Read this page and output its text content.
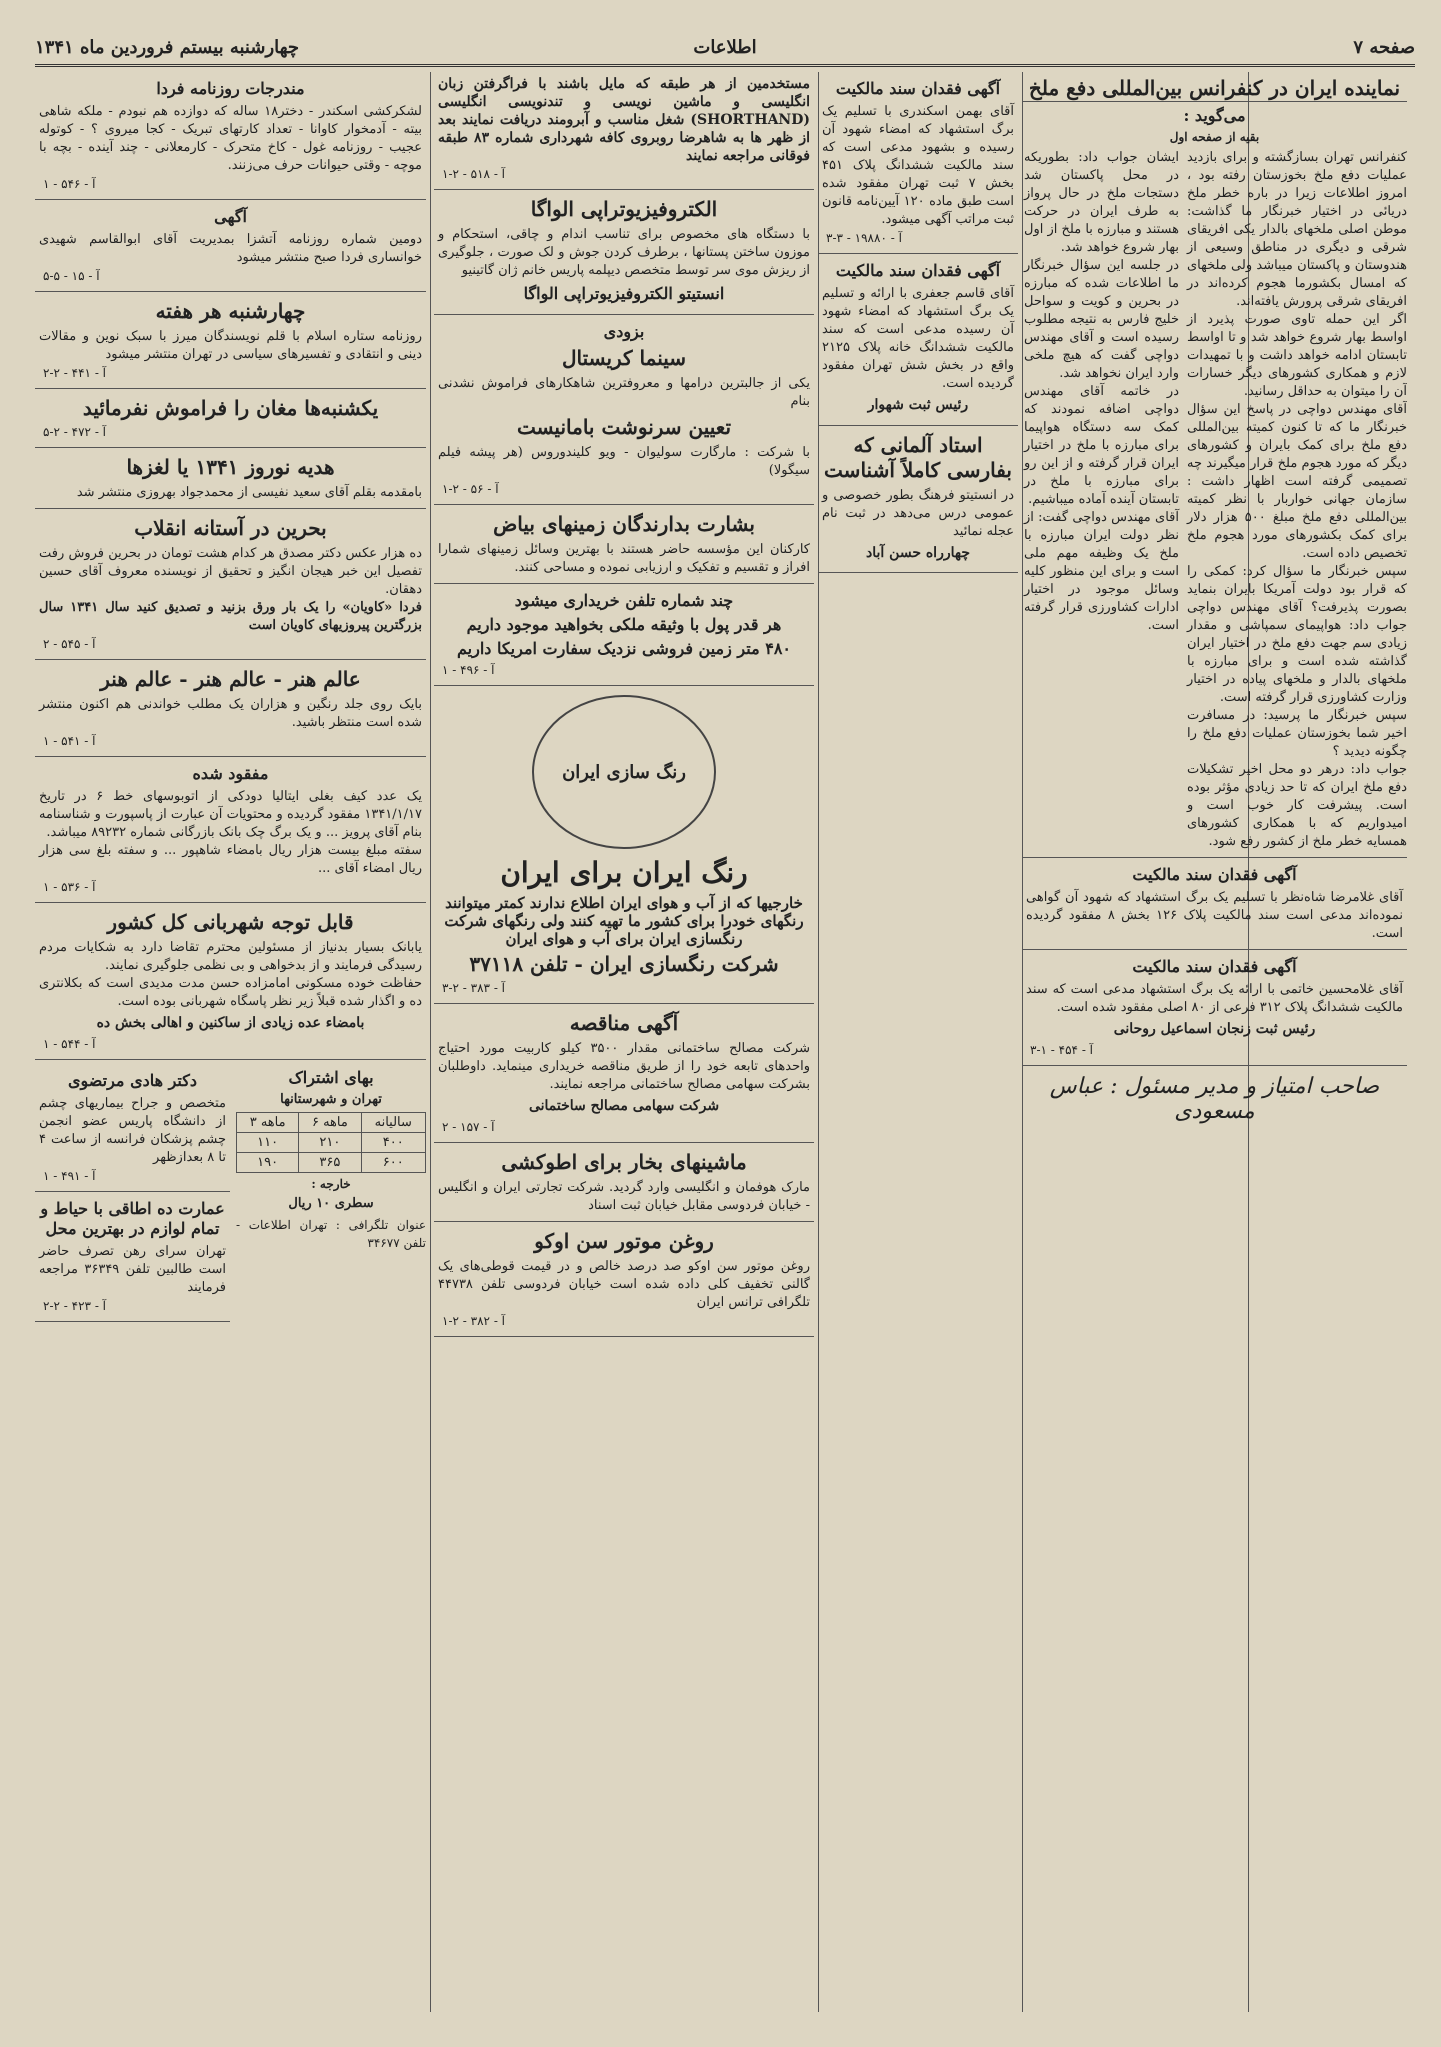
صفحه ۷
اطلاعات
چهارشنبه بیستم فروردین ماه ۱۳۴۱
نماینده ایران در کنفرانس بین‌المللی دفع ملخ
می‌گوید :
بقیه از صفحه اول

کنفرانس تهران بسازگشته و برای بازدید عملیات دفع ملخ بخوزستان رفته بود ، امروز اطلاعات زیرا در باره خطر ملخ دریائی در اختیار خبرنگار ما گذاشت: موطن اصلی ملخهای بالدار یکی افریقای شرقی و دیگری در مناطق وسیعی از هندوستان و پاکستان میباشد ولی ملخهای که امسال بکشورما هجوم کرده‌اند در افریقای شرقی پرورش یافته‌اند.

اگر این حمله تاوی صورت پذیرد از اواسط بهار شروع خواهد شد و تا اواسط تابستان ادامه خواهد داشت و با تمهیدات لازم و همکاری کشورهای دیگر خسارات آن را میتوان به حداقل رسانید.

آقای مهندس دواچی در پاسخ این سؤال خبرنگار ما که تا کنون کمیته بین‌المللی دفع ملخ برای کمک بایران و کشورهای دیگر که مورد هجوم ملخ قرار میگیرند چه تصمیمی گرفته است اظهار داشت : سازمان جهانی خواربار با نظر کمیته بین‌المللی دفع ملخ مبلغ ۵۰۰ هزار دلار برای کمک بکشورهای مورد هجوم ملخ تخصیص داده است.

سپس خبرنگار ما سؤال کرد: کمکی را که قرار بود دولت آمریکا بایران بنماید بصورت پذیرفت؟ آقای مهندس دواچی جواب داد: هواپیمای سمپاشی و مقدار زیادی سم جهت دفع ملخ در اختیار ایران گذاشته شده است و برای مبارزه با ملخهای بالدار و ملخهای پیاده در اختیار وزارت کشاورزی قرار گرفته است.

سپس خبرنگار ما پرسید: در مسافرت اخیر شما بخوزستان عملیات دفع ملخ را چگونه دیدید ؟

جواب داد: درهر دو محل اخیر تشکیلات دفع ملخ ایران که تا حد زیادی مؤثر بوده است. پیشرفت کار خوب است و امیدواریم که با همکاری کشورهای همسایه خطر ملخ از کشور رفع شود.

ایشان جواب داد: بطوریکه در محل پاکستان شد دستجات ملخ در حال پرواز به طرف ایران در حرکت هستند و مبارزه با ملخ از اول بهار شروع خواهد شد.

در جلسه این سؤال خبرنگار ما اطلاعات شده که مبارزه در بحرین و کویت و سواحل خلیج فارس به نتیجه مطلوب رسیده است و آقای مهندس دواچی گفت که هیچ ملخی وارد ایران نخواهد شد.

در خاتمه آقای مهندس دواچی اضافه نمودند که کمک سه دستگاه هواپیما برای مبارزه با ملخ در اختیار ایران قرار گرفته و از این رو برای مبارزه با ملخ در تابستان آینده آماده میباشیم.

آقای مهندس دواچی گفت: از نظر دولت ایران مبارزه با ملخ یک وظیفه مهم ملی است و برای این منظور کلیه وسائل موجود در اختیار ادارات کشاورزی قرار گرفته است.

آگهی فقدان سند مالکیت

آقای غلامرضا شاه‌نظر با تسلیم یک برگ استشهاد که شهود آن گواهی نموده‌اند مدعی است سند مالکیت پلاک ۱۲۶ بخش ۸ مفقود گردیده است.

آگهی فقدان سند مالکیت

آقای غلامحسین خاتمی با ارائه یک برگ استشهاد مدعی است که سند مالکیت ششدانگ پلاک ۳۱۲ فرعی از ۸۰ اصلی مفقود شده است.

رئیس ثبت زنجان اسماعیل روحانی
آ - ۴۵۴ - ۱-۳
صاحب امتیاز و مدیر مسئول : عباس مسعودی
آگهی فقدان سند مالکیت

آقای بهمن اسکندری با تسلیم یک برگ استشهاد که امضاء شهود آن رسیده و بشهود مدعی است که سند مالکیت ششدانگ پلاک ۴۵۱ بخش ۷ ثبت تهران مفقود شده است طبق ماده ۱۲۰ آیین‌نامه قانون ثبت مراتب آگهی میشود.

آ - ۱۹۸۸۰ - ۳-۳
آگهی فقدان سند مالکیت

آقای قاسم جعفری با ارائه و تسلیم یک برگ استشهاد که امضاء شهود آن رسیده مدعی است که سند مالکیت ششدانگ خانه پلاک ۲۱۲۵ واقع در بخش شش تهران مفقود گردیده است.

رئیس ثبت شهوار
استاد آلمانی که بفارسی کاملاً آشناست

در انستیتو فرهنگ بطور خصوصی و عمومی درس می‌دهد در ثبت نام عجله نمائید

چهارراه حسن آباد

مستخدمین از هر طبقه که مایل باشند با فراگرفتن زبان انگلیسی و ماشین نویسی و تندنویسی انگلیسی (SHORTHAND) شغل مناسب و آبرومند دریافت نمایند بعد از ظهر ها به شاهرضا روبروی کافه شهرداری شماره ۸۳ طبقه فوقانی مراجعه نمایند

آ - ۵۱۸ - ۲-۱
الکتروفیزیوتراپی الواگا

با دستگاه های مخصوص برای تناسب اندام و چاقی، استحکام و موزون ساختن پستانها ، برطرف کردن جوش و لک صورت ، جلوگیری از ریزش موی سر توسط متخصص دیپلمه پاریس خانم ژان گاتینیو

انستیتو الکتروفیزیوتراپی الواگا
بزودی
سینما کریستال

یکی از جالبترین درامها و معروفترین شاهکارهای فراموش نشدنی بنام

تعیین سرنوشت بامانیست

با شرکت : مارگارت سولیوان - ویو کلیندوروس (هر پیشه فیلم سیگولا)

آ - ۵۶ - ۲-۱
بشارت بدارندگان زمینهای بیاض

کارکنان این مؤسسه حاضر هستند با بهترین وسائل زمینهای شمارا افراز و تقسیم و تفکیک و ارزیابی نموده و مساحی کنند.

چند شماره تلفن خریداری میشود
هر قدر پول با وثیقه ملکی بخواهید موجود داریم
۴۸۰ متر زمین فروشی نزدیک سفارت امریکا داریم
آ - ۴۹۶ - ۱
رنگ سازی ایران
رنگ ایران برای ایران

خارجیها که از آب و هوای ایران اطلاع ندارند کمتر میتوانند رنگهای خودرا برای کشور ما تهیه کنند ولی رنگهای شرکت رنگسازی ایران برای آب و هوای ایران

شرکت رنگسازی ایران - تلفن ۳۷۱۱۸
آ - ۳۸۳ - ۲-۳
آگهی مناقصه

شرکت مصالح ساختمانی مقدار ۳۵۰۰ کیلو کاربیت مورد احتیاج واحدهای تابعه خود را از طریق مناقصه خریداری مینماید. داوطلبان بشرکت سهامی مصالح ساختمانی مراجعه نمایند.

شرکت سهامی مصالح ساختمانی
آ - ۱۵۷ - ۲
ماشینهای بخار برای اطوکشی

مارک هوفمان و انگلیسی وارد گردید. شرکت تجارتی ایران و انگلیس - خیابان فردوسی مقابل خیابان ثبت اسناد

روغن موتور سن اوکو

روغن موتور سن اوکو صد درصد خالص و در قیمت قوطی‌های یک گالنی تخفیف کلی داده شده است خیابان فردوسی تلفن ۴۴۷۳۸ تلگرافی ترانس ایران

آ - ۳۸۲ - ۲-۱
مندرجات روزنامه فردا

لشکرکشی اسکندر - دختر۱۸ ساله که دوازده هم نبودم - ملکه شاهی بیته - آدمخوار کاوانا - تعداد کارتهای تبریک - کجا میروی ؟ - کوتوله عجیب - روزنامه غول - کاخ متحرک - کارمعلانی - چند آینده - بچه با موچه - وقتی حیوانات حرف می‌زنند.

آ - ۵۴۶ - ۱
آگهی

دومین شماره روزنامه آتشزا بمدیریت آقای ابوالقاسم شهیدی خوانساری فردا صبح منتشر میشود

آ - ۱۵ - ۵-۵
چهارشنبه هر هفته

روزنامه ستاره اسلام با قلم نویسندگان میرز با سبک نوین و مقالات دینی و انتقادی و تفسیرهای سیاسی در تهران منتشر میشود

آ - ۴۴۱ - ۲-۲
یکشنبه‌ها مغان را فراموش نفرمائید
آ - ۴۷۲ - ۲-۵
هدیه نوروز ۱۳۴۱ یا لغزها

بامقدمه بقلم آقای سعید نفیسی از محمدجواد بهروزی منتشر شد

بحرین در آستانه انقلاب

ده هزار عکس دکتر مصدق هر کدام هشت تومان در بحرین فروش رفت تفصیل این خبر هیجان انگیز و تحقیق از نویسنده معروف آقای حسین دهقان.

فردا «کاویان» را یک بار ورق بزنید و تصدیق کنید سال ۱۳۴۱ سال بزرگترین پیروزیهای کاویان است

آ - ۵۴۵ - ۲
عالم هنر - عالم هنر - عالم هنر

بایک روی جلد رنگین و هزاران یک مطلب خواندنی هم اکنون منتشر شده است منتظر باشید.

آ - ۵۴۱ - ۱
مفقود شده

یک عدد کیف بغلی ایتالیا دودکی از اتوبوسهای خط ۶ در تاریخ ۱۳۴۱/۱/۱۷ مفقود گردیده و محتویات آن عبارت از پاسپورت و شناسنامه بنام آقای پرویز ... و یک برگ چک بانک بازرگانی شماره ۸۹۲۳۲ میباشد.

سفته مبلغ بیست هزار ریال بامضاء شاهپور ... و سفته بلغ سی هزار ریال امضاء آقای ...

آ - ۵۳۶ - ۱
قابل توجه شهربانی کل کشور

یابانک بسیار بدنیاز از مسئولین محترم تقاضا دارد به شکایات مردم رسیدگی فرمایند و از بدخواهی و بی نظمی جلوگیری نمایند.

حفاظت خوده مسکونی امامزاده حسن مدت مدیدی است که بکلانتری ده و اگذار شده قبلاً زیر نظر پاسگاه شهربانی بوده است.

بامضاء عده زیادی از ساکنین و اهالی بخش ده
آ - ۵۴۴ - ۱
بهای اشتراک
تهران و شهرستانها
۳ ماهه	۶ ماهه	سالیانه
۱۱۰	۲۱۰	۴۰۰
۱۹۰	۳۶۵	۶۰۰
خارجه :
سطری ۱۰ ریال

عنوان تلگرافی : تهران اطلاعات - تلفن ۳۴۶۷۷

دکتر هادی مرتضوی

متخصص و جراح بیماریهای چشم از دانشگاه پاریس عضو انجمن چشم پزشکان فرانسه از ساعت ۴ تا ۸ بعدازظهر

آ - ۴۹۱ - ۱
عمارت ده اطاقی با حیاط و تمام لوازم در بهترین محل

تهران سرای رهن تصرف حاضر است طالبین تلفن ۳۶۳۴۹ مراجعه فرمایند

آ - ۴۲۳ - ۲-۲
